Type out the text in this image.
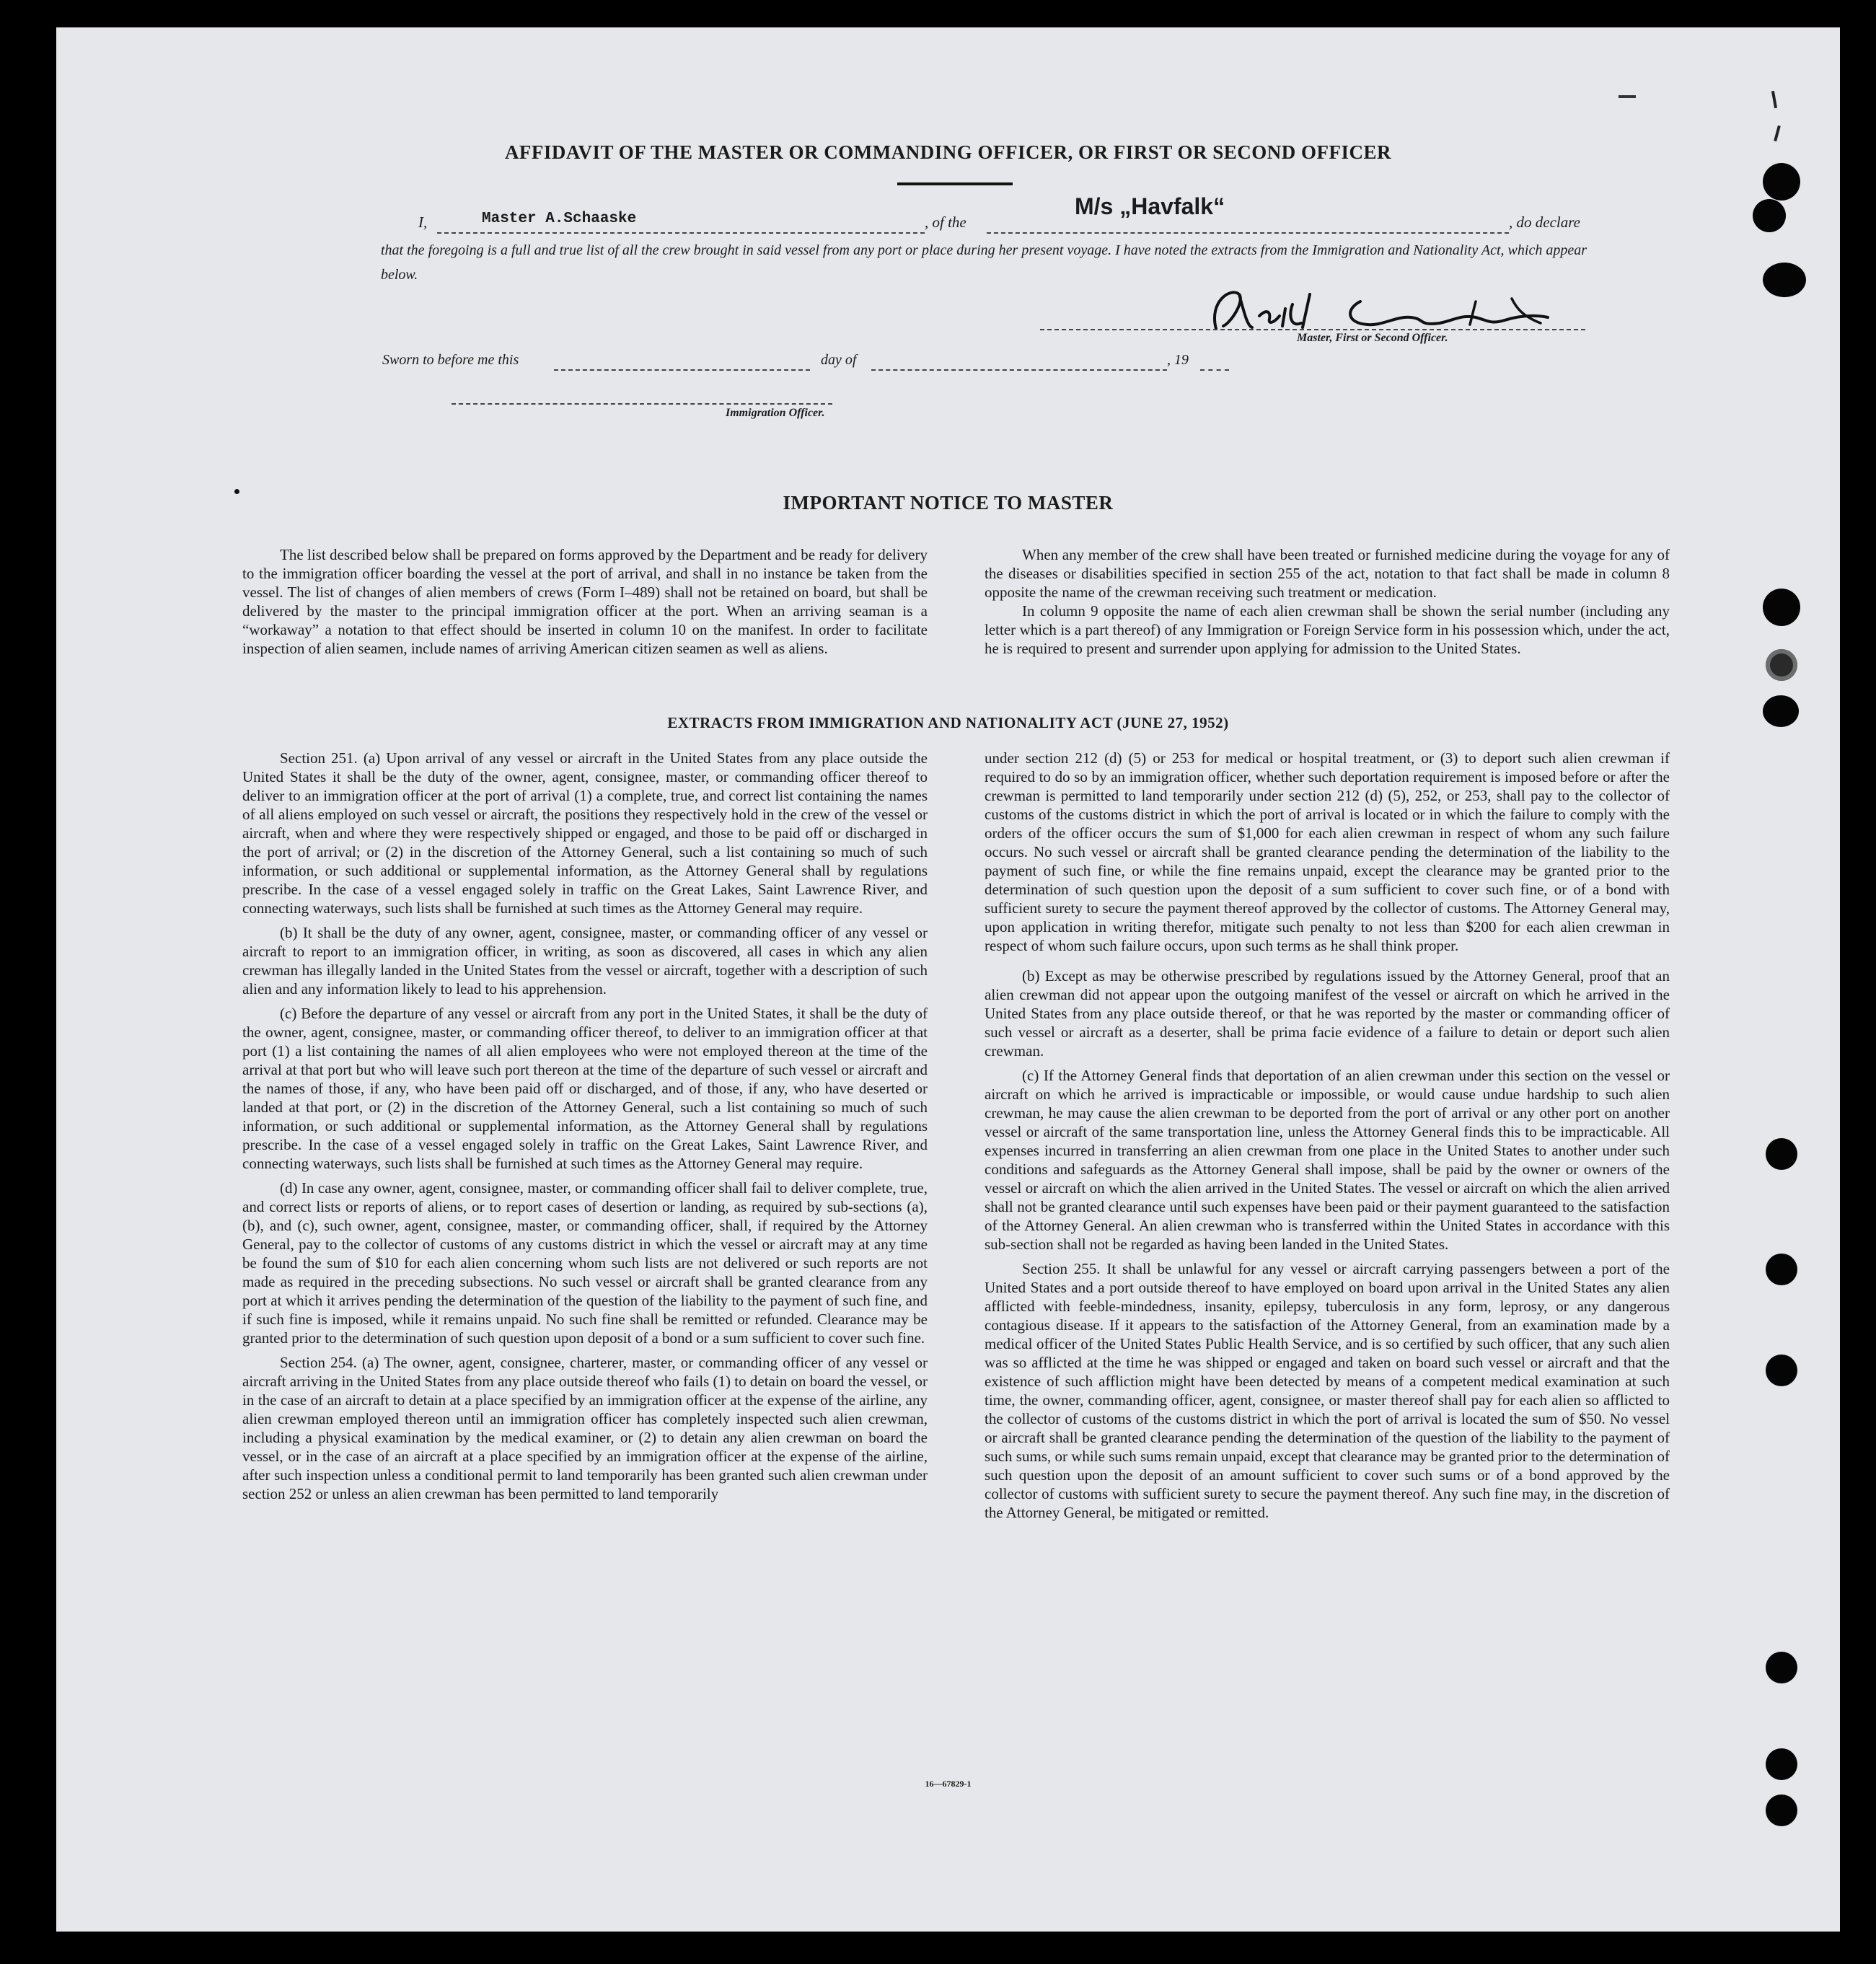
AFFIDAVIT OF THE MASTER OR COMMANDING OFFICER, OR FIRST OR SECOND OFFICER
I,	Master A.Schaaske	, of the
M/s „Havfalk“
, do declare
that the foregoing is a full and true list of all the crew brought in said vessel from any port or place during her present voyage. I have noted the extracts from the Immigration and Nationality Act, which appear below.
Master, First or Second Officer.
Sworn to before me this	day of	, 19
Immigration Officer.
IMPORTANT NOTICE TO MASTER

The list described below shall be prepared on forms approved by the Department and be ready for delivery to the immigration officer boarding the vessel at the port of arrival, and shall in no instance be taken from the vessel. The list of changes of alien members of crews (Form I–489) shall not be retained on board, but shall be delivered by the master to the principal immigration officer at the port. When an arriving seaman is a “workaway” a notation to that effect should be inserted in column 10 on the manifest. In order to facilitate inspection of alien seamen, include names of arriving American citizen seamen as well as aliens.

When any member of the crew shall have been treated or furnished medicine during the voyage for any of the diseases or disabilities specified in section 255 of the act, notation to that fact shall be made in column 8 opposite the name of the crewman receiving such treatment or medication.

In column 9 opposite the name of each alien crewman shall be shown the serial number (including any letter which is a part thereof) of any Immigration or Foreign Service form in his possession which, under the act, he is required to present and surrender upon applying for admission to the United States.

EXTRACTS FROM IMMIGRATION AND NATIONALITY ACT (JUNE 27, 1952)

Section 251. (a) Upon arrival of any vessel or aircraft in the United States from any place outside the United States it shall be the duty of the owner, agent, consignee, master, or commanding officer thereof to deliver to an immigration officer at the port of arrival (1) a complete, true, and correct list containing the names of all aliens employed on such vessel or aircraft, the positions they respectively hold in the crew of the vessel or aircraft, when and where they were respectively shipped or engaged, and those to be paid off or discharged in the port of arrival; or (2) in the discretion of the Attorney General, such a list containing so much of such information, or such additional or supplemental information, as the Attorney General shall by regulations prescribe. In the case of a vessel engaged solely in traffic on the Great Lakes, Saint Lawrence River, and connecting waterways, such lists shall be furnished at such times as the Attorney General may require.

(b) It shall be the duty of any owner, agent, consignee, master, or commanding officer of any vessel or aircraft to report to an immigration officer, in writing, as soon as discovered, all cases in which any alien crewman has illegally landed in the United States from the vessel or aircraft, together with a description of such alien and any information likely to lead to his apprehension.

(c) Before the departure of any vessel or aircraft from any port in the United States, it shall be the duty of the owner, agent, consignee, master, or commanding officer thereof, to deliver to an immigration officer at that port (1) a list containing the names of all alien employees who were not employed thereon at the time of the arrival at that port but who will leave such port thereon at the time of the departure of such vessel or aircraft and the names of those, if any, who have been paid off or discharged, and of those, if any, who have deserted or landed at that port, or (2) in the discretion of the Attorney General, such a list containing so much of such information, or such additional or supplemental information, as the Attorney General shall by regulations prescribe. In the case of a vessel engaged solely in traffic on the Great Lakes, Saint Lawrence River, and connecting waterways, such lists shall be furnished at such times as the Attorney General may require.

(d) In case any owner, agent, consignee, master, or commanding officer shall fail to deliver complete, true, and correct lists or reports of aliens, or to report cases of desertion or landing, as required by sub-sections (a), (b), and (c), such owner, agent, consignee, master, or commanding officer, shall, if required by the Attorney General, pay to the collector of customs of any customs district in which the vessel or aircraft may at any time be found the sum of $10 for each alien concerning whom such lists are not delivered or such reports are not made as required in the preceding subsections. No such vessel or aircraft shall be granted clearance from any port at which it arrives pending the determination of the question of the liability to the payment of such fine, and if such fine is imposed, while it remains unpaid. No such fine shall be remitted or refunded. Clearance may be granted prior to the determination of such question upon deposit of a bond or a sum sufficient to cover such fine.

Section 254. (a) The owner, agent, consignee, charterer, master, or commanding officer of any vessel or aircraft arriving in the United States from any place outside thereof who fails (1) to detain on board the vessel, or in the case of an aircraft to detain at a place specified by an immigration officer at the expense of the airline, any alien crewman employed thereon until an immigration officer has completely inspected such alien crewman, including a physical examination by the medical examiner, or (2) to detain any alien crewman on board the vessel, or in the case of an aircraft at a place specified by an immigration officer at the expense of the airline, after such inspection unless a conditional permit to land temporarily has been granted such alien crewman under section 252 or unless an alien crewman has been permitted to land temporarily

under section 212 (d) (5) or 253 for medical or hospital treatment, or (3) to deport such alien crewman if required to do so by an immigration officer, whether such deportation requirement is imposed before or after the crewman is permitted to land temporarily under section 212 (d) (5), 252, or 253, shall pay to the collector of customs of the customs district in which the port of arrival is located or in which the failure to comply with the orders of the officer occurs the sum of $1,000 for each alien crewman in respect of whom any such failure occurs. No such vessel or aircraft shall be granted clearance pending the determination of the liability to the payment of such fine, or while the fine remains unpaid, except the clearance may be granted prior to the determination of such question upon the deposit of a sum sufficient to cover such fine, or of a bond with sufficient surety to secure the payment thereof approved by the collector of customs. The Attorney General may, upon application in writing therefor, mitigate such penalty to not less than $200 for each alien crewman in respect of whom such failure occurs, upon such terms as he shall think proper.

(b) Except as may be otherwise prescribed by regulations issued by the Attorney General, proof that an alien crewman did not appear upon the outgoing manifest of the vessel or aircraft on which he arrived in the United States from any place outside thereof, or that he was reported by the master or commanding officer of such vessel or aircraft as a deserter, shall be prima facie evidence of a failure to detain or deport such alien crewman.

(c) If the Attorney General finds that deportation of an alien crewman under this section on the vessel or aircraft on which he arrived is impracticable or impossible, or would cause undue hardship to such alien crewman, he may cause the alien crewman to be deported from the port of arrival or any other port on another vessel or aircraft of the same transportation line, unless the Attorney General finds this to be impracticable. All expenses incurred in transferring an alien crewman from one place in the United States to another under such conditions and safeguards as the Attorney General shall impose, shall be paid by the owner or owners of the vessel or aircraft on which the alien arrived in the United States. The vessel or aircraft on which the alien arrived shall not be granted clearance until such expenses have been paid or their payment guaranteed to the satisfaction of the Attorney General. An alien crewman who is transferred within the United States in accordance with this sub-section shall not be regarded as having been landed in the United States.

Section 255. It shall be unlawful for any vessel or aircraft carrying passengers between a port of the United States and a port outside thereof to have employed on board upon arrival in the United States any alien afflicted with feeble-mindedness, insanity, epilepsy, tuberculosis in any form, leprosy, or any dangerous contagious disease. If it appears to the satisfaction of the Attorney General, from an examination made by a medical officer of the United States Public Health Service, and is so certified by such officer, that any such alien was so afflicted at the time he was shipped or engaged and taken on board such vessel or aircraft and that the existence of such affliction might have been detected by means of a competent medical examination at such time, the owner, commanding officer, agent, consignee, or master thereof shall pay for each alien so afflicted to the collector of customs of the customs district in which the port of arrival is located the sum of $50. No vessel or aircraft shall be granted clearance pending the determination of the question of the liability to the payment of such sums, or while such sums remain unpaid, except that clearance may be granted prior to the determination of such question upon the deposit of an amount sufficient to cover such sums or of a bond approved by the collector of customs with sufficient surety to secure the payment thereof. Any such fine may, in the discretion of the Attorney General, be mitigated or remitted.

16—67829-1
